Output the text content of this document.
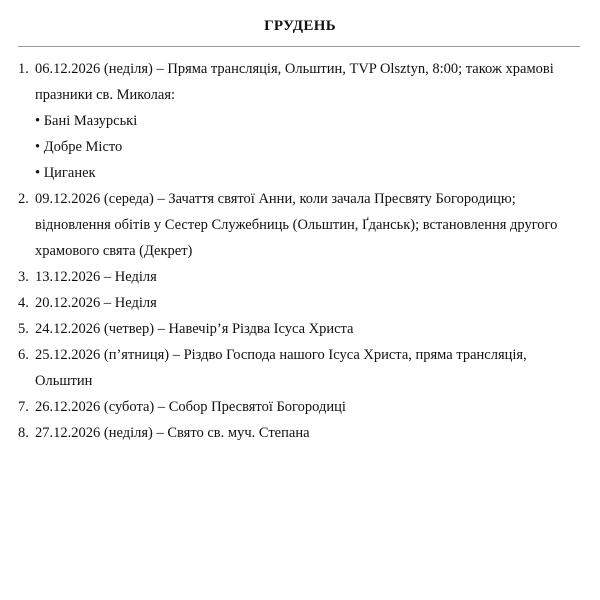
ГРУДЕНЬ
1. 06.12.2026 (неділя) – Пряма трансляція, Ольштин, TVP Olsztyn, 8:00; також храмові
празники св. Миколая:
• Бані Мазурські
• Добре Місто
• Циганек
2. 09.12.2026 (середа) – Зачаття святої Анни, коли зачала Пресвяту Богородицю;
відновлення обітів у Сестер Служебниць (Ольштин, Ґданськ); встановлення другого
храмового свята (Декрет)
3. 13.12.2026 – Неділя
4. 20.12.2026 – Неділя
5. 24.12.2026 (четвер) – Навечір’я Різдва Ісуса Христа
6. 25.12.2026 (п’ятниця) – Різдво Господа нашого Ісуса Христа, пряма трансляція,
Ольштин
7. 26.12.2026 (субота) – Собор Пресвятої Богородиці
8. 27.12.2026 (неділя) – Свято св. муч. Степана
